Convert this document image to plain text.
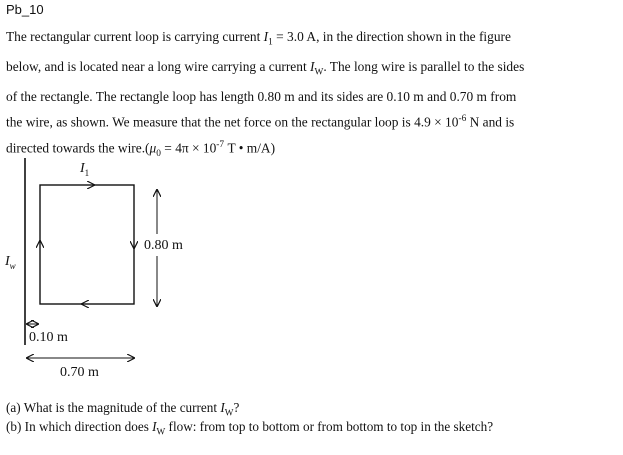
Pb_10
The rectangular current loop is carrying current $I_1 = 3.0$ A, in the direction shown in the figure
below, and is located near a long wire carrying a current $I_W$. The long wire is parallel to the sides
of the rectangle. The rectangle loop has length 0.80 m and its sides are 0.10 m and 0.70 m from
the wire, as shown. We measure that the net force on the rectangular loop is $4.9 \times 10^{-6}$ N and is
directed towards the $wire.(\mu_0 = 4\pi \times 10^{-7}$ T • m/A)
$I_1$
$I_w$
0.80 m
0.10 m
0.70 m
(a) What is the magnitude of the current $I_W$?
(b) In which direction does $I_W$ flow: from top to bottom or from bottom to top in the sketch?
